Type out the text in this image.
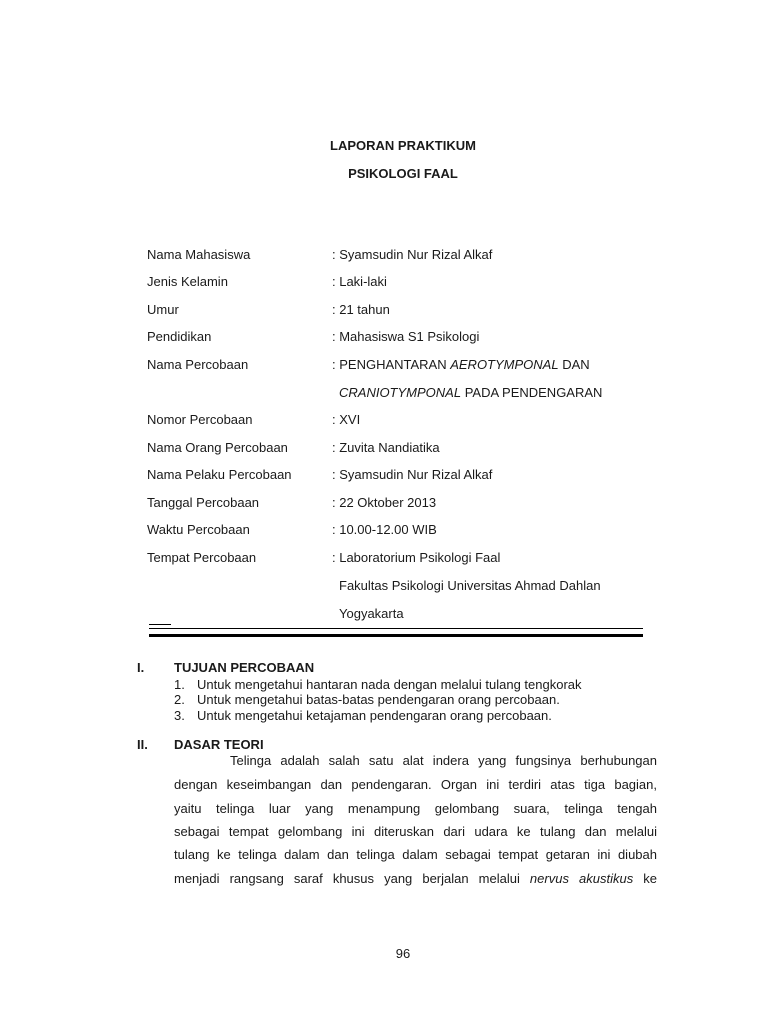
LAPORAN PRAKTIKUM
PSIKOLOGI FAAL
Nama Mahasiswa	: Syamsudin Nur Rizal Alkaf
Jenis Kelamin	: Laki-laki
Umur	: 21 tahun
Pendidikan	: Mahasiswa S1 Psikologi
Nama Percobaan	: PENGHANTARAN AEROTYMPONAL DAN
CRANIOTYMPONAL PADA PENDENGARAN
Nomor Percobaan	: XVI
Nama Orang Percobaan	: Zuvita Nandiatika
Nama Pelaku Percobaan	: Syamsudin Nur Rizal Alkaf
Tanggal Percobaan	: 22 Oktober 2013
Waktu Percobaan	: 10.00-12.00 WIB
Tempat Percobaan	: Laboratorium Psikologi Faal
Fakultas Psikologi Universitas Ahmad Dahlan
Yogyakarta
I. TUJUAN PERCOBAAN
1. Untuk mengetahui hantaran nada dengan melalui tulang tengkorak
2. Untuk mengetahui batas-batas pendengaran orang percobaan.
3. Untuk mengetahui ketajaman pendengaran orang percobaan.
II. DASAR TEORI
Telinga adalah salah satu alat indera yang fungsinya berhubungan
dengan keseimbangan dan pendengaran. Organ ini terdiri atas tiga bagian,
yaitu telinga luar yang menampung gelombang suara, telinga tengah
sebagai tempat gelombang ini diteruskan dari udara ke tulang dan melalui
tulang ke telinga dalam dan telinga dalam sebagai tempat getaran ini diubah
menjadi rangsang saraf khusus yang berjalan melalui nervus akustikus ke
96
